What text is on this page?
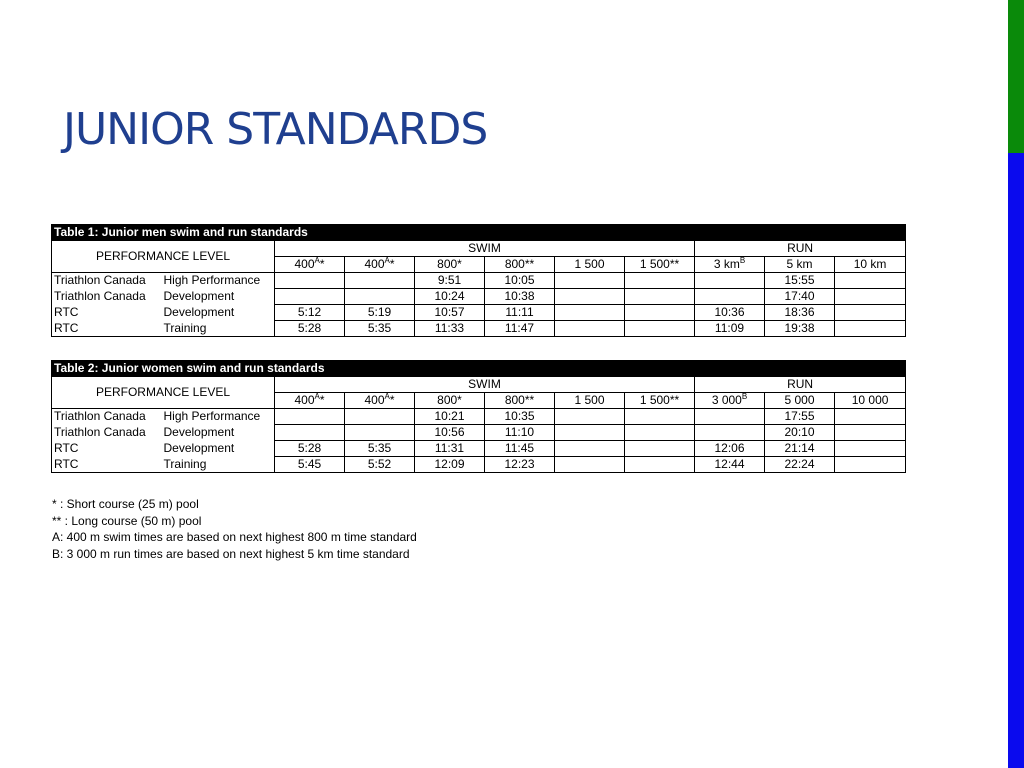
JUNIOR STANDARDS
Table 1: Junior men swim and run standards										
PERFORMANCE LEVEL		SWIM						RUN		
		$400^A*$	$400^A*$	800*	800**	1 500	1 500**	3 $km^B$	5 km	10 km
Triathlon Canada	High Performance			9:51	10:05				15:55	
Triathlon Canada	Development			10:24	10:38				17:40	
RTC	Development	5:12	5:19	10:57	11:11			10:36	18:36	
RTC	Training	5:28	5:35	11:33	11:47			11:09	19:38	
Table 2: Junior women swim and run standards										
PERFORMANCE LEVEL		SWIM						RUN		
		$400^A*$	$400^A*$	800*	800**	1 500	1 500**	3 $000^B$	5 000	10 000
Triathlon Canada	High Performance			10:21	10:35				17:55	
Triathlon Canada	Development			10:56	11:10				20:10	
RTC	Development	5:28	5:35	11:31	11:45			12:06	21:14	
RTC	Training	5:45	5:52	12:09	12:23			12:44	22:24	
* : Short course (25 m) pool
** : Long course (50 m) pool
A: 400 m swim times are based on next highest 800 m time standard
B: 3 000 m run times are based on next highest 5 km time standard
